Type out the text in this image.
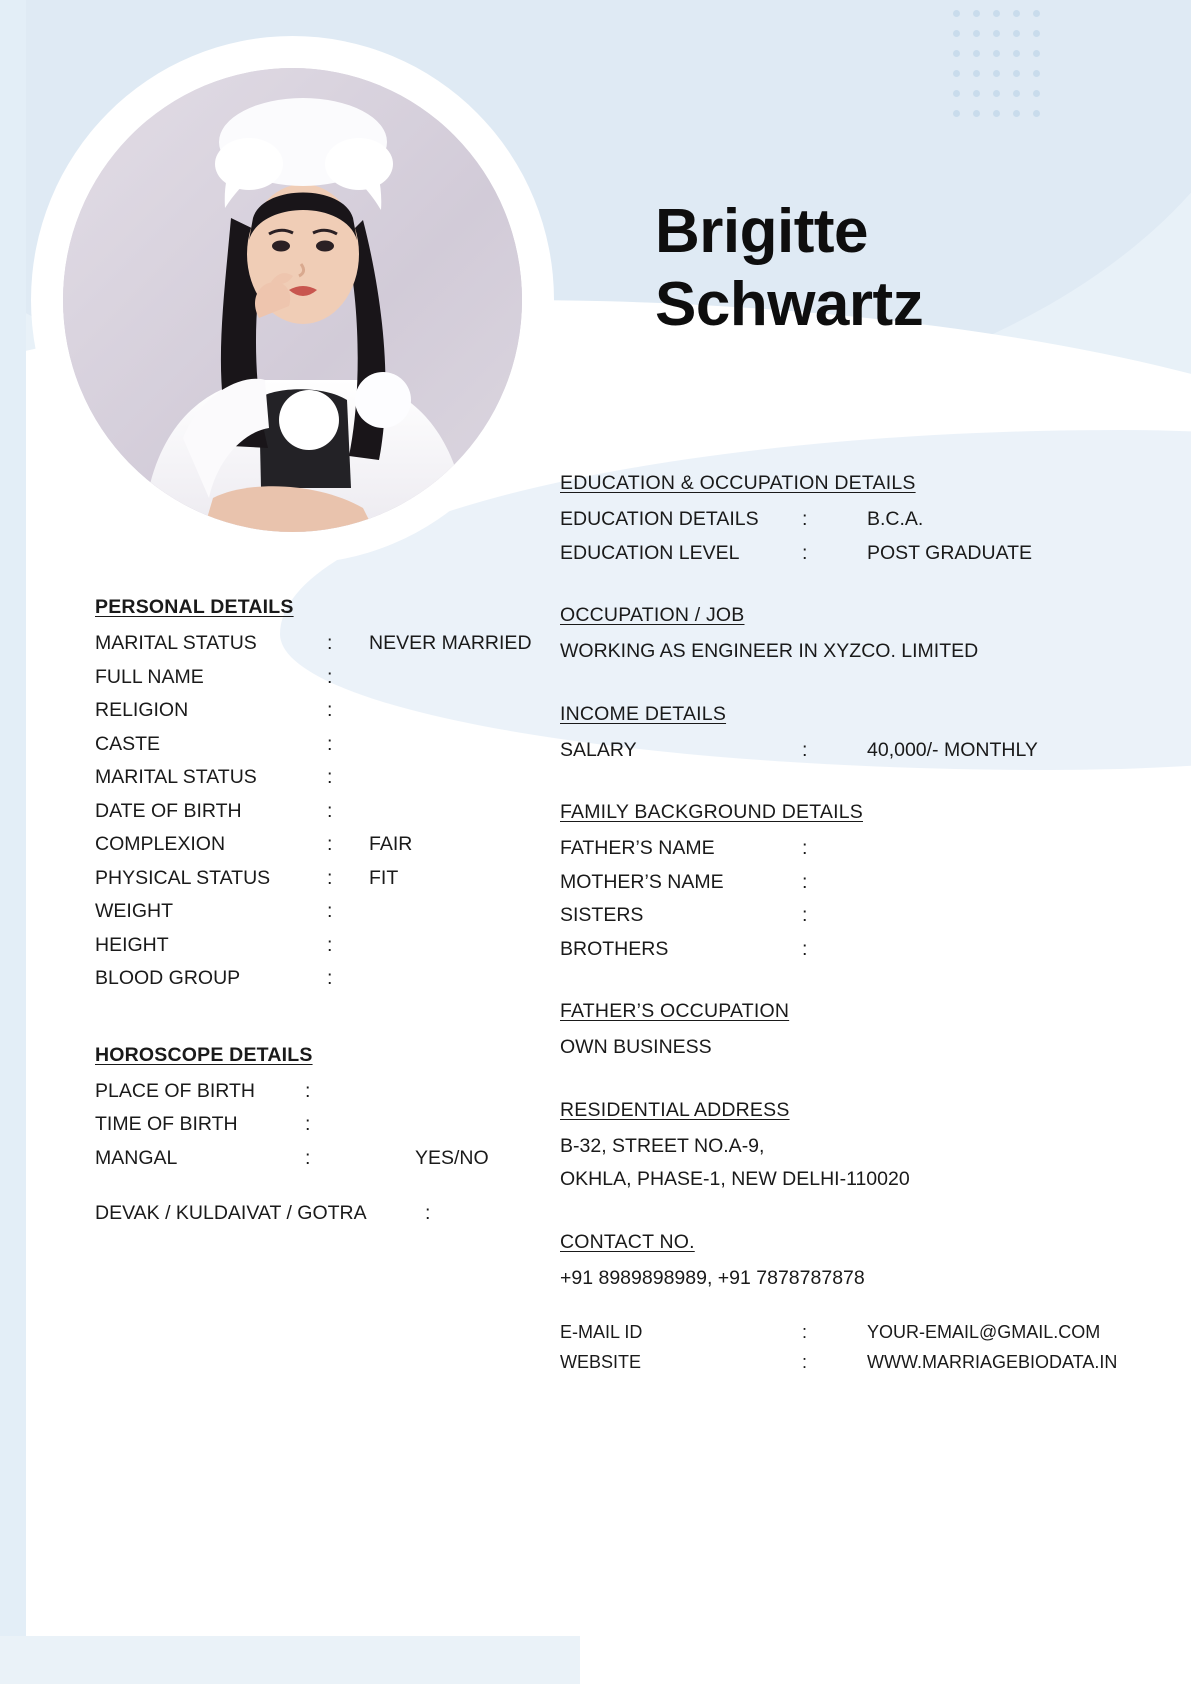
Brigitte
Schwartz
PERSONAL DETAILS
MARITAL STATUS	:	NEVER MARRIED
FULL NAME	:
RELIGION	:
CASTE	:
MARITAL STATUS	:
DATE OF BIRTH	:
COMPLEXION	:	FAIR
PHYSICAL STATUS	:	FIT
WEIGHT	:
HEIGHT	:
BLOOD GROUP	:
HOROSCOPE DETAILS
PLACE OF BIRTH	:
TIME OF BIRTH	:
MANGAL	:	YES/NO
DEVAK / KULDAIVAT / GOTRA	:
EDUCATION & OCCUPATION DETAILS
EDUCATION DETAILS	:	B.C.A.
EDUCATION LEVEL	:	POST GRADUATE
OCCUPATION / JOB
WORKING AS ENGINEER IN XYZCO. LIMITED
INCOME DETAILS
SALARY	:	40,000/- MONTHLY
FAMILY BACKGROUND DETAILS
FATHER’S NAME	:
MOTHER’S NAME	:
SISTERS	:
BROTHERS	:
FATHER’S OCCUPATION
OWN BUSINESS
RESIDENTIAL ADDRESS
B-32, STREET NO.A-9,
OKHLA, PHASE-1, NEW DELHI-110020
CONTACT NO.
+91 8989898989, +91 7878787878
E-MAIL ID	:	YOUR-EMAIL@GMAIL.COM
WEBSITE	:	WWW.MARRIAGEBIODATA.IN
